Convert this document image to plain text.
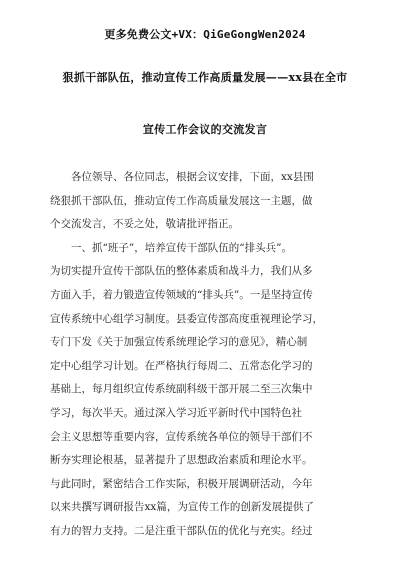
更多免费公文+VX：QiGeGongWen2024
狠抓干部队伍，推动宣传工作高质量发展——xx县在全市
宣传工作会议的交流发言
各位领导、各位同志，根据会议安排，下面，xx县围
绕狠抓干部队伍，推动宣传工作高质量发展这一主题，做
个交流发言，不妥之处，敬请批评指正。
一、抓“班子”，培养宣传干部队伍的“排头兵”。
为切实提升宣传干部队伍的整体素质和战斗力，我们从多
方面入手，着力锻造宣传领域的“排头兵”。一是坚持宣传
宣传系统中心组学习制度。县委宣传部高度重视理论学习，
专门下发《关于加强宣传系统理论学习的意见》，精心制
定中心组学习计划。在严格执行每周二、五常态化学习的
基础上，每月组织宣传系统副科级干部开展二至三次集中
学习，每次半天。通过深入学习近平新时代中国特色社
会主义思想等重要内容，宣传系统各单位的领导干部们不
断夯实理论根基，显著提升了思想政治素质和理论水平。
与此同时，紧密结合工作实际，积极开展调研活动，今年
以来共撰写调研报告xx篇，为宣传工作的创新发展提供了
有力的智力支持。二是注重干部队伍的优化与充实。经过
